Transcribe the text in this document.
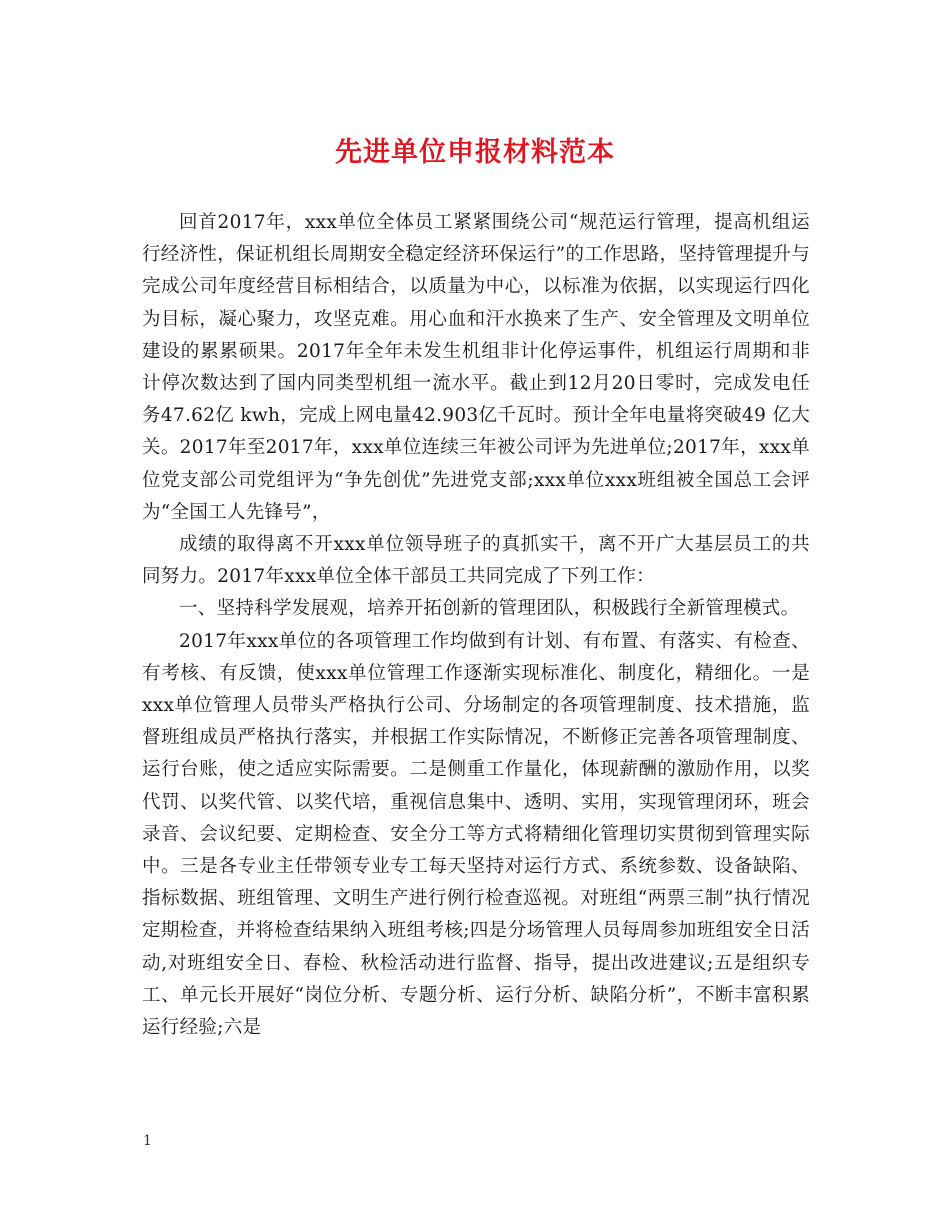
先进单位申报材料范本

回首2017年，xxx单位全体员工紧紧围绕公司“规范运行管理，提高机组运行经济性，保证机组长周期安全稳定经济环保运行”的工作思路，坚持管理提升与完成公司年度经营目标相结合，以质量为中心，以标准为依据，以实现运行四化为目标，凝心聚力，攻坚克难。用心血和汗水换来了生产、安全管理及文明单位建设的累累硕果。2017年全年未发生机组非计化停运事件，机组运行周期和非计停次数达到了国内同类型机组一流水平。截止到12月20日零时，完成发电任务47.62亿 kwh，完成上网电量42.903亿千瓦时。预计全年电量将突破49 亿大关。2017年至2017年，xxx单位连续三年被公司评为先进单位;2017年，xxx单位党支部公司党组评为“争先创优”先进党支部;xxx单位xxx班组被全国总工会评为“全国工人先锋号”，

成绩的取得离不开xxx单位领导班子的真抓实干，离不开广大基层员工的共同努力。2017年xxx单位全体干部员工共同完成了下列工作：

一、坚持科学发展观，培养开拓创新的管理团队，积极践行全新管理模式。

2017年xxx单位的各项管理工作均做到有计划、有布置、有落实、有检查、有考核、有反馈，使xxx单位管理工作逐渐实现标准化、制度化，精细化。一是xxx单位管理人员带头严格执行公司、分场制定的各项管理制度、技术措施，监督班组成员严格执行落实，并根据工作实际情况，不断修正完善各项管理制度、运行台账，使之适应实际需要。二是侧重工作量化，体现薪酬的激励作用，以奖代罚、以奖代管、以奖代培，重视信息集中、透明、实用，实现管理闭环，班会录音、会议纪要、定期检查、安全分工等方式将精细化管理切实贯彻到管理实际中。三是各专业主任带领专业专工每天坚持对运行方式、系统参数、设备缺陷、指标数据、班组管理、文明生产进行例行检查巡视。对班组“两票三制”执行情况定期检查，并将检查结果纳入班组考核;四是分场管理人员每周参加班组安全日活动,对班组安全日、春检、秋检活动进行监督、指导，提出改进建议;五是组织专工、单元长开展好“岗位分析、专题分析、运行分析、缺陷分析”，不断丰富积累运行经验;六是

1
